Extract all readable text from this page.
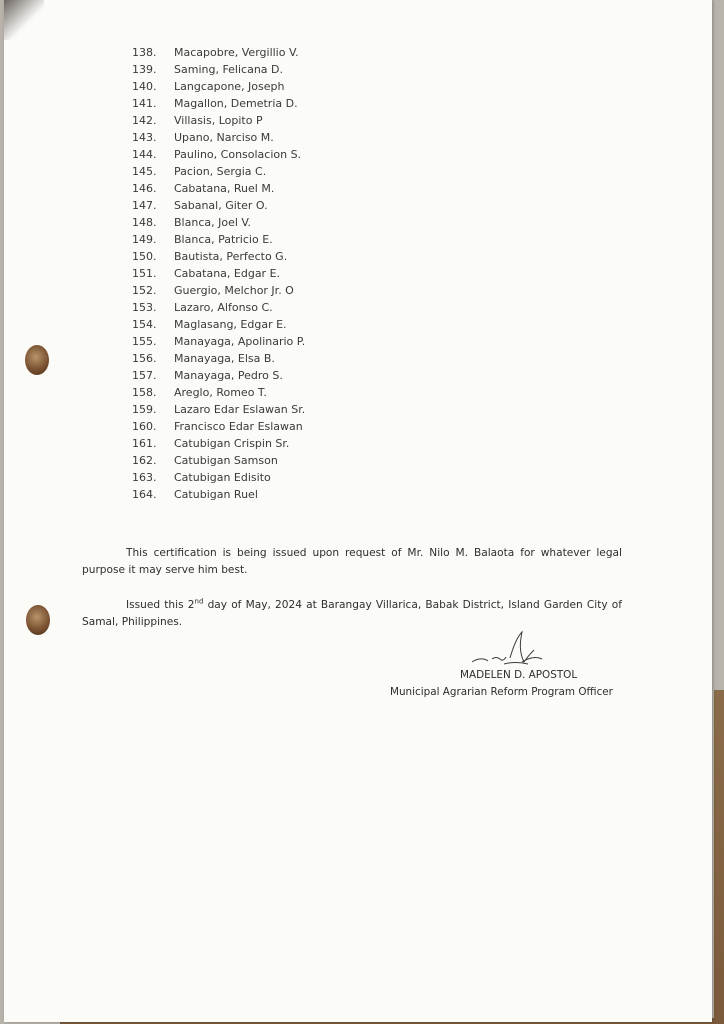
138.	Macapobre, Vergillio V.
139.	Saming, Felicana D.
140.	Langcapone, Joseph
141.	Magallon, Demetria D.
142.	Villasis, Lopito P
143.	Upano, Narciso M.
144.	Paulino, Consolacion S.
145.	Pacion, Sergia C.
146.	Cabatana, Ruel M.
147.	Sabanal, Giter O.
148.	Blanca, Joel V.
149.	Blanca, Patricio E.
150.	Bautista, Perfecto G.
151.	Cabatana, Edgar E.
152.	Guergio, Melchor Jr. O
153.	Lazaro, Alfonso C.
154.	Maglasang, Edgar E.
155.	Manayaga, Apolinario P.
156.	Manayaga, Elsa B.
157.	Manayaga, Pedro S.
158.	Areglo, Romeo T.
159.	Lazaro Edar Eslawan Sr.
160.	Francisco Edar Eslawan
161.	Catubigan Crispin Sr.
162.	Catubigan Samson
163.	Catubigan Edisito
164.	Catubigan Ruel

This certification is being issued upon request of Mr. Nilo M. Balaota for whatever legal purpose it may serve him best.

Issued this 2nd day of May, 2024 at Barangay Villarica, Babak District, Island Garden City of Samal, Philippines.

MADELEN D. APOSTOL
Municipal Agrarian Reform Program Officer
